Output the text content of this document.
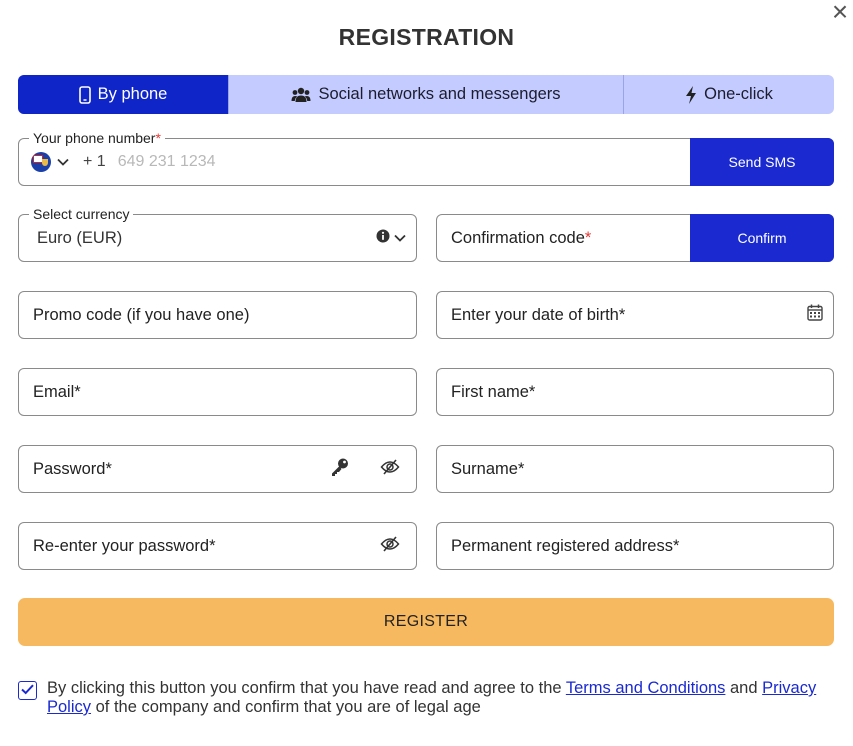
×
REGISTRATION
By phone	Social networks and messengers	One-click
Your phone number*
+ 1 649 231 1234	Send SMS
Select currency
Euro (EUR)	Confirmation code*	Confirm
Promo code (if you have one)	Enter your date of birth*
Email*	First name*
Password*	Surname*
Re-enter your password*	Permanent registered address*
REGISTER
By clicking this button you confirm that you have read and agree to the Terms and Conditions and Privacy Policy of the company and confirm that you are of legal age
